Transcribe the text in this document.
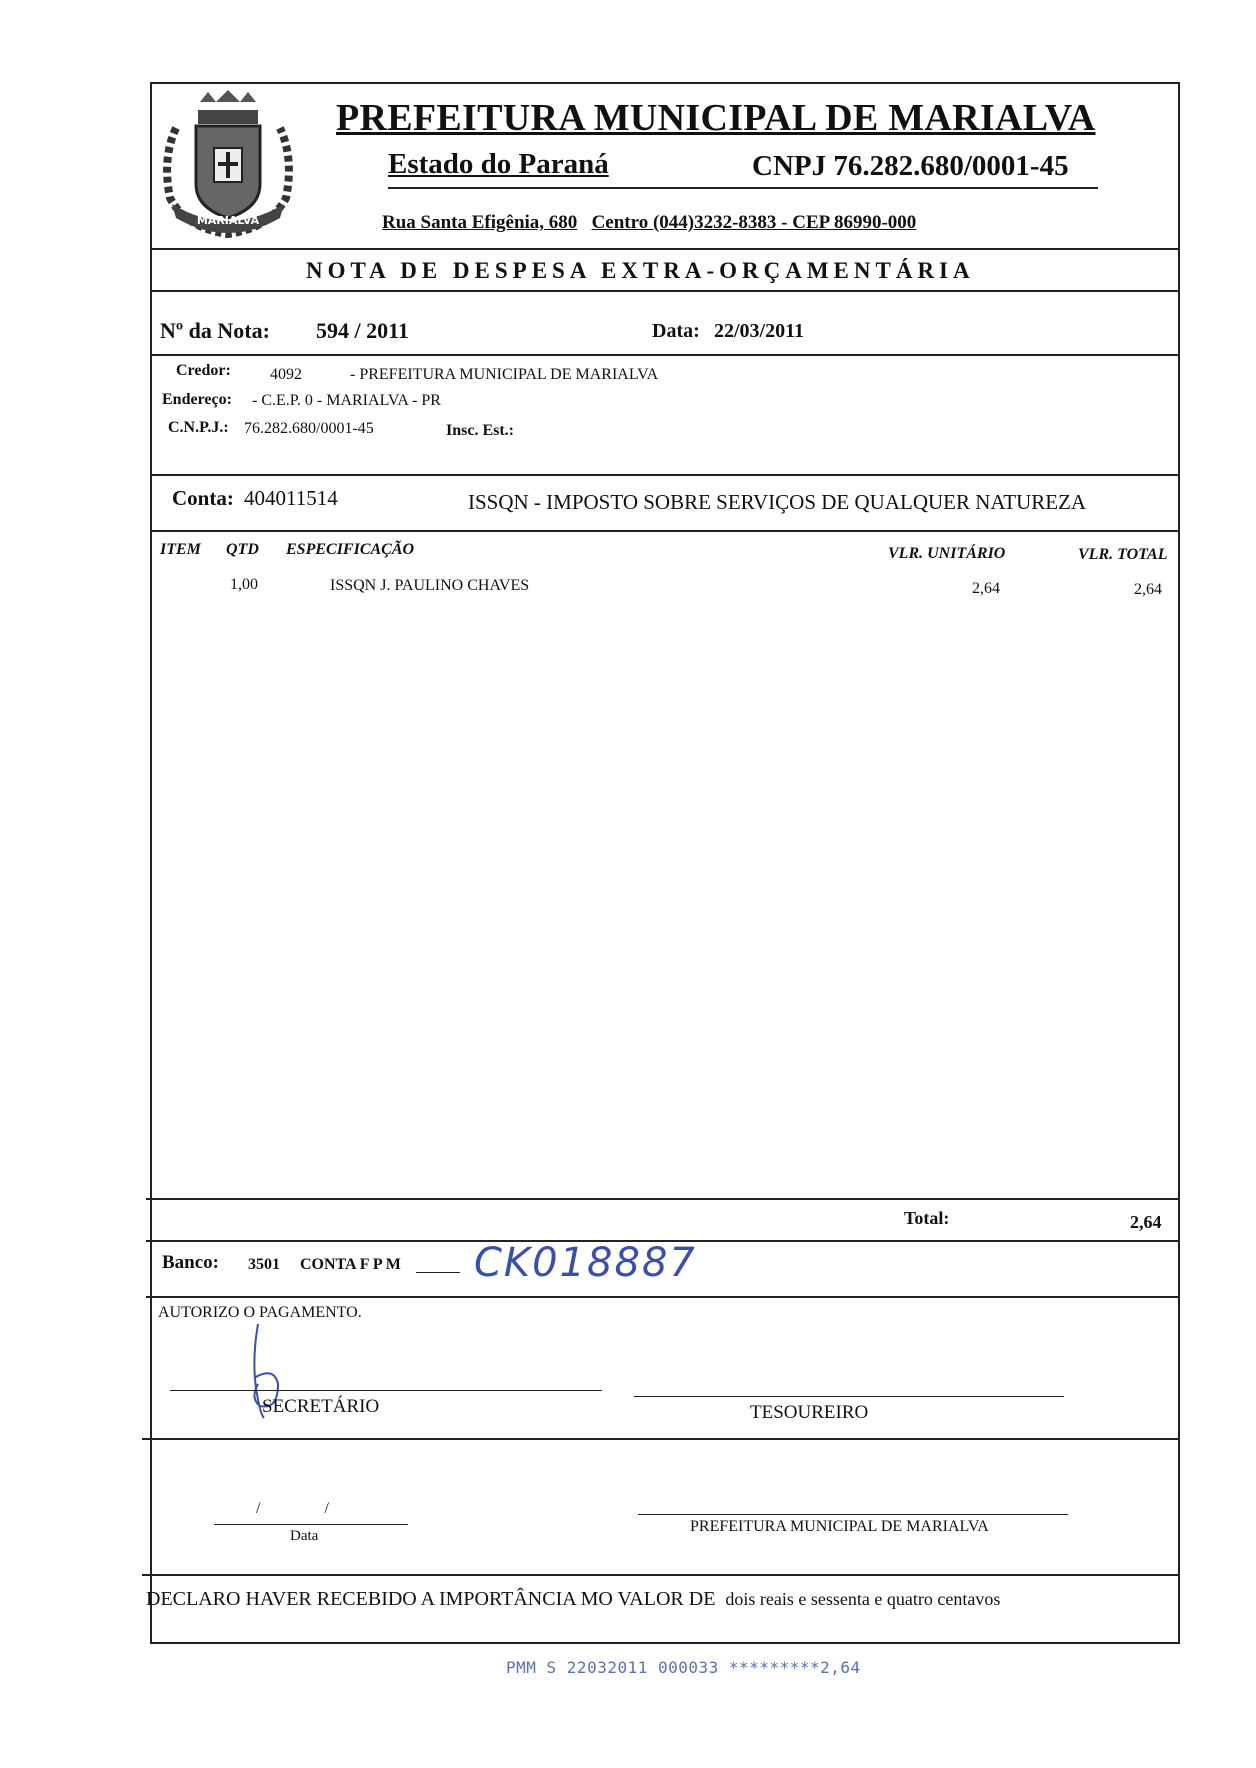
MARIALVA
PREFEITURA MUNICIPAL DE MARIALVA
Estado do Paraná	CNPJ 76.282.680/0001-45
Rua Santa Efigênia, 680 Centro (044)3232-8383 - CEP 86990-000
NOTA DE DESPESA EXTRA-ORÇAMENTÁRIA
Nº da Nota: 594 / 2011	Data: 22/03/2011
Credor: 4092	- PREFEITURA MUNICIPAL DE MARIALVA
Endereço: - C.E.P. 0 - MARIALVA - PR
C.N.P.J.: 76.282.680/0001-45	Insc. Est.:
Conta: 404011514	ISSQN - IMPOSTO SOBRE SERVIÇOS DE QUALQUER NATUREZA
ITEM QTD ESPECIFICAÇÃO	VLR. UNITÁRIO	VLR. TOTAL
1,00	ISSQN J. PAULINO CHAVES	2,64	2,64
Total:	2,64
Banco: 3501 CONTA F P M CK018887
AUTORIZO O PAGAMENTO.
SECRETÁRIO	TESOUREIRO
/ /
Data
PREFEITURA MUNICIPAL DE MARIALVA
DECLARO HAVER RECEBIDO A IMPORTÂNCIA MO VALOR DE dois reais e sessenta e quatro centavos
PMM S 22032011 000033 *********2,64
